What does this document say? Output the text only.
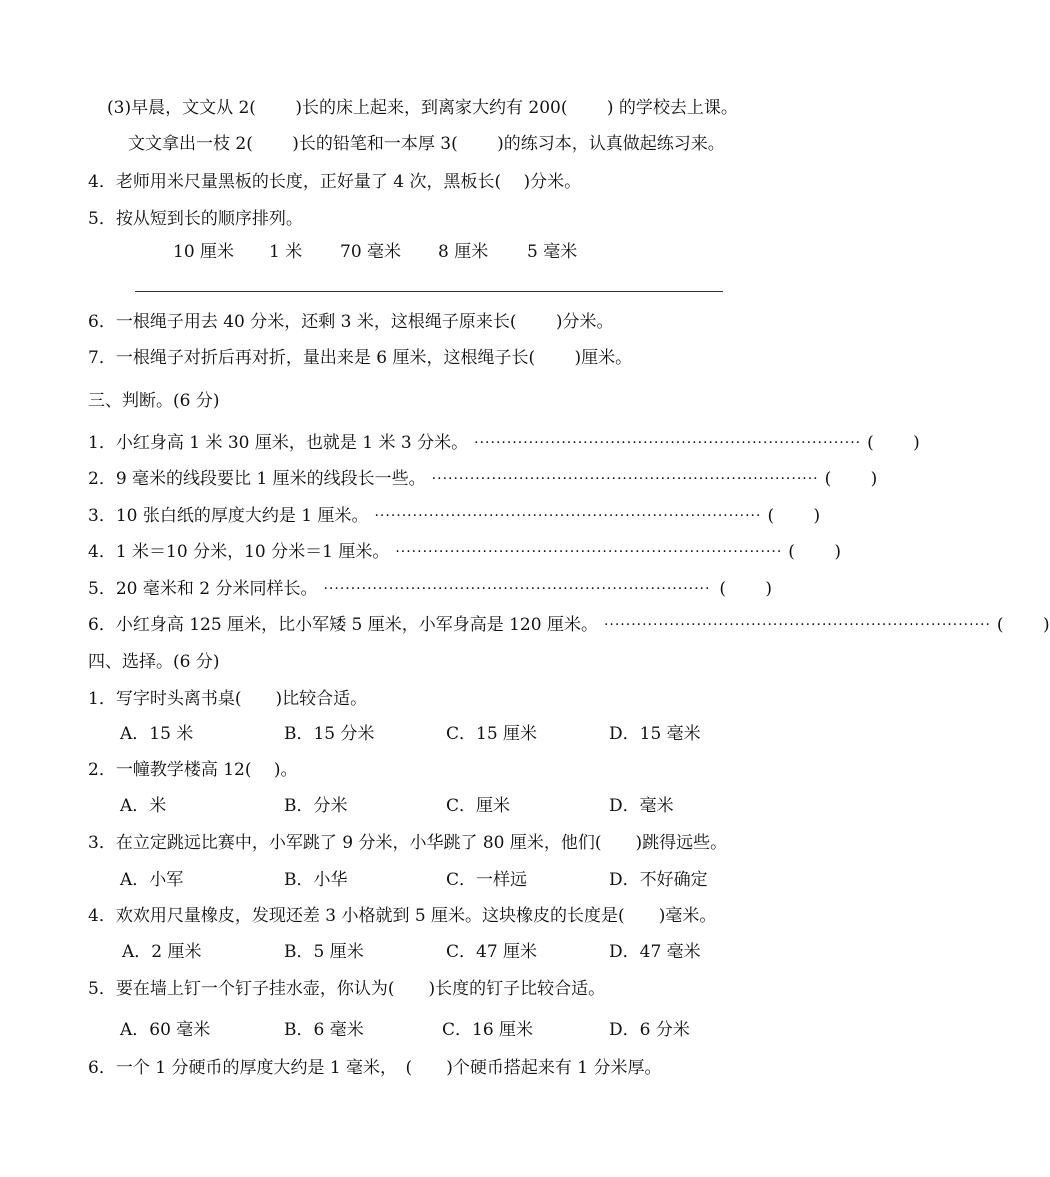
(3)早晨，文文从 2(　　 )长的床上起来，到离家大约有 200(　　 ) 的学校去上课。
文文拿出一枝 2(　　 )长的铅笔和一本厚 3(　　 )的练习本，认真做起练习来。
4．老师用米尺量黑板的长度，正好量了 4 次，黑板长(　 )分米。
5．按从短到长的顺序排列。
10 厘米 1 米 70 毫米 8 厘米 5 毫米
6．一根绳子用去 40 分米，还剩 3 米，这根绳子原来长(　　 )分米。
7．一根绳子对折后再对折，量出来是 6 厘米，这根绳子长(　　 )厘米。
三、判断。(6 分)
1．小红身高 1 米 30 厘米，也就是 1 米 3 分米。 ······································································· (　　 )
2．9 毫米的线段要比 1 厘米的线段长一些。 ······································································· (　　 )
3．10 张白纸的厚度大约是 1 厘米。 ······································································· (　　 )
4．1 米＝10 分米，10 分米＝1 厘米。 ······································································· (　　 )
5．20 毫米和 2 分米同样长。 ······································································· (　　 )
6．小红身高 125 厘米，比小军矮 5 厘米，小军身高是 120 厘米。 ······································································· (　　 )
四、选择。(6 分)
1．写字时头离书桌(　　)比较合适。
A．15 米	B．15 分米	C．15 厘米	D．15 毫米
2．一幢教学楼高 12(　 )。
A．米	B．分米	C．厘米	D．毫米
3．在立定跳远比赛中，小军跳了 9 分米，小华跳了 80 厘米，他们(　　)跳得远些。
A．小军	B．小华	C．一样远	D．不好确定
4．欢欢用尺量橡皮，发现还差 3 小格就到 5 厘米。这块橡皮的长度是(　　)毫米。
A．2 厘米	B．5 厘米	C．47 厘米	D．47 毫米
5．要在墙上钉一个钉子挂水壶，你认为(　　)长度的钉子比较合适。
A．60 毫米	B．6 毫米	C．16 厘米	D．6 分米
6．一个 1 分硬币的厚度大约是 1 毫米，　(　　)个硬币搭起来有 1 分米厚。
